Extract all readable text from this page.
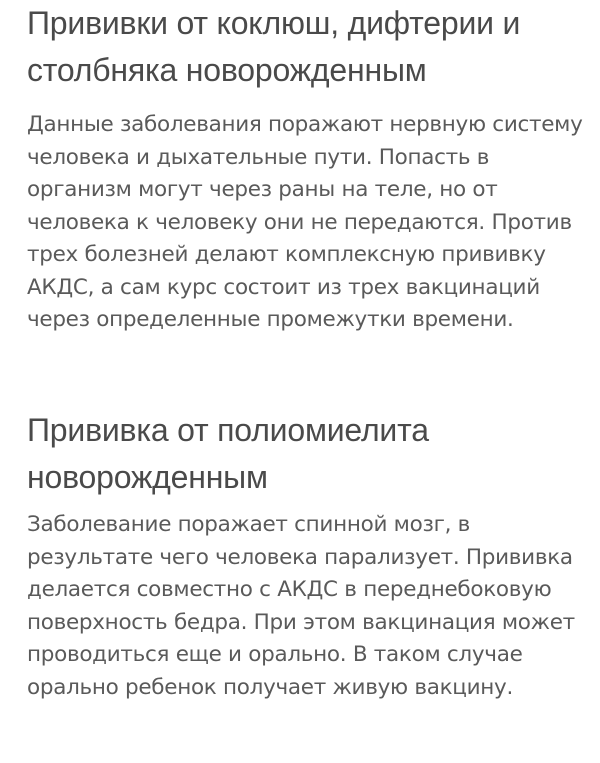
Прививки от коклюш, дифтерии и столбняка новорожденным

Данные заболевания поражают нервную систему человека и дыхательные пути. Попасть в организм могут через раны на теле, но от человека к человеку они не передаются. Против трех болезней делают комплексную прививку АКДС, а сам курс состоит из трех вакцинаций через определенные промежутки времени.

Прививка от полиомиелита новорожденным

Заболевание поражает спинной мозг, в результате чего человека парализует. Прививка делается совместно с АКДС в переднебоковую поверхность бедра. При этом вакцинация может проводиться еще и орально. В таком случае орально ребенок получает живую вакцину.
